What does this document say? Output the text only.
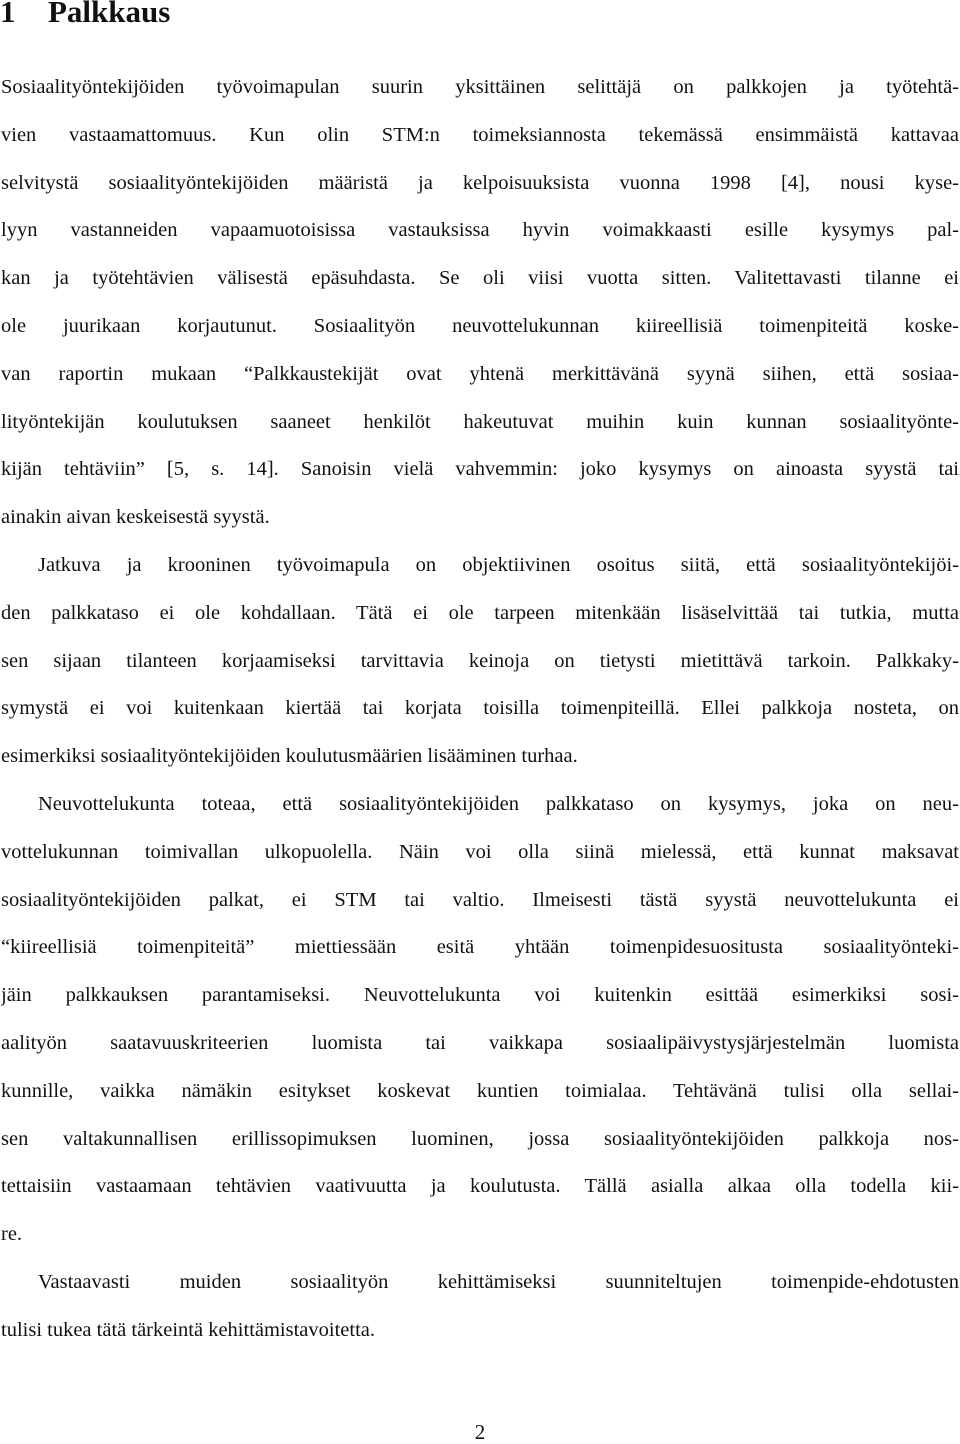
1 Palkkaus

Sosiaalityöntekijöiden työvoimapulan suurin yksittäinen selittäjä on palkkojen ja työtehtä-
vien vastaamattomuus. Kun olin STM:n toimeksiannosta tekemässä ensimmäistä kattavaa
selvitystä sosiaalityöntekijöiden määristä ja kelpoisuuksista vuonna 1998 [4], nousi kyse-
lyyn vastanneiden vapaamuotoisissa vastauksissa hyvin voimakkaasti esille kysymys pal-
kan ja työtehtävien välisestä epäsuhdasta. Se oli viisi vuotta sitten. Valitettavasti tilanne ei
ole juurikaan korjautunut. Sosiaalityön neuvottelukunnan kiireellisiä toimenpiteitä koske-
van raportin mukaan “Palkkaustekijät ovat yhtenä merkittävänä syynä siihen, että sosiaa-
lityöntekijän koulutuksen saaneet henkilöt hakeutuvat muihin kuin kunnan sosiaalityönte-
kijän tehtäviin” [5, s. 14]. Sanoisin vielä vahvemmin: joko kysymys on ainoasta syystä tai
ainakin aivan keskeisestä syystä.

Jatkuva ja krooninen työvoimapula on objektiivinen osoitus siitä, että sosiaalityöntekijöi-
den palkkataso ei ole kohdallaan. Tätä ei ole tarpeen mitenkään lisäselvittää tai tutkia, mutta
sen sijaan tilanteen korjaamiseksi tarvittavia keinoja on tietysti mietittävä tarkoin. Palkkaky-
symystä ei voi kuitenkaan kiertää tai korjata toisilla toimenpiteillä. Ellei palkkoja nosteta, on
esimerkiksi sosiaalityöntekijöiden koulutusmäärien lisääminen turhaa.

Neuvottelukunta toteaa, että sosiaalityöntekijöiden palkkataso on kysymys, joka on neu-
vottelukunnan toimivallan ulkopuolella. Näin voi olla siinä mielessä, että kunnat maksavat
sosiaalityöntekijöiden palkat, ei STM tai valtio. Ilmeisesti tästä syystä neuvottelukunta ei
“kiireellisiä toimenpiteitä” miettiessään esitä yhtään toimenpidesuositusta sosiaalityönteki-
jäin palkkauksen parantamiseksi. Neuvottelukunta voi kuitenkin esittää esimerkiksi sosi-
aalityön saatavuuskriteerien luomista tai vaikkapa sosiaalipäivystysjärjestelmän luomista
kunnille, vaikka nämäkin esitykset koskevat kuntien toimialaa. Tehtävänä tulisi olla sellai-
sen valtakunnallisen erillissopimuksen luominen, jossa sosiaalityöntekijöiden palkkoja nos-
tettaisiin vastaamaan tehtävien vaativuutta ja koulutusta. Tällä asialla alkaa olla todella kii-
re.

Vastaavasti muiden sosiaalityön kehittämiseksi suunniteltujen toimenpide-ehdotusten
tulisi tukea tätä tärkeintä kehittämistavoitetta.

2
